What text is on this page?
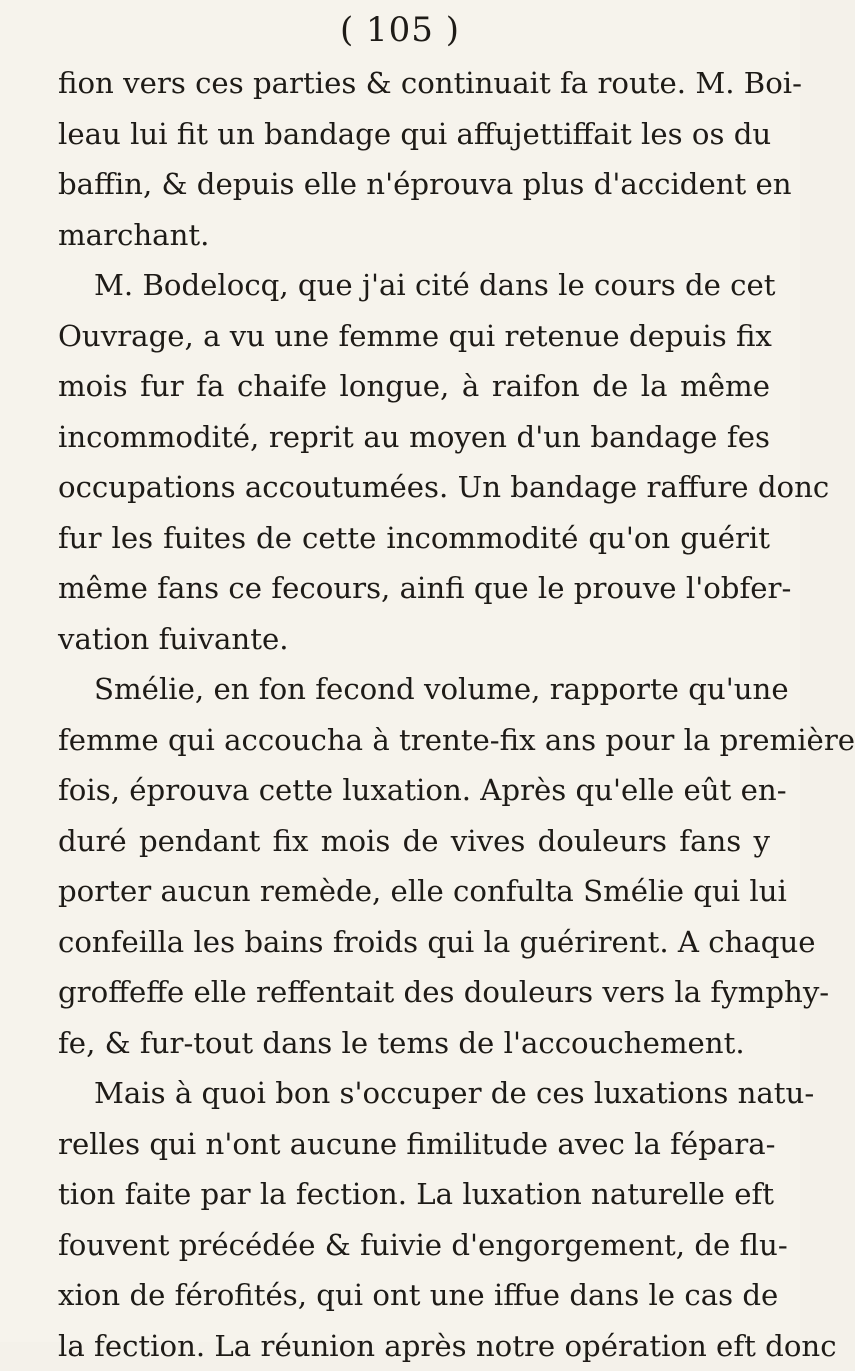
( 105 )
fion vers ces parties & continuait fa route. M. Boi-
leau lui fit un bandage qui affujettiffait les os du
baffin, & depuis elle n'éprouva plus d'accident en
marchant.
M. Bodelocq, que j'ai cité dans le cours de cet
Ouvrage, a vu une femme qui retenue depuis fix
mois fur fa chaife longue, à raifon de la même
incommodité, reprit au moyen d'un bandage fes
occupations accoutumées. Un bandage raffure donc
fur les fuites de cette incommodité qu'on guérit
même fans ce fecours, ainfi que le prouve l'obfer-
vation fuivante.
Smélie, en fon fecond volume, rapporte qu'une
femme qui accoucha à trente-fix ans pour la première
fois, éprouva cette luxation. Après qu'elle eût en-
duré pendant fix mois de vives douleurs fans y
porter aucun remède, elle confulta Smélie qui lui
confeilla les bains froids qui la guérirent. A chaque
groffeffe elle reffentait des douleurs vers la fymphy-
fe, & fur-tout dans le tems de l'accouchement.
Mais à quoi bon s'occuper de ces luxations natu-
relles qui n'ont aucune fimilitude avec la fépara-
tion faite par la fection. La luxation naturelle eft
fouvent précédée & fuivie d'engorgement, de flu-
xion de férofités, qui ont une iffue dans le cas de
la fection. La réunion après notre opération eft donc
